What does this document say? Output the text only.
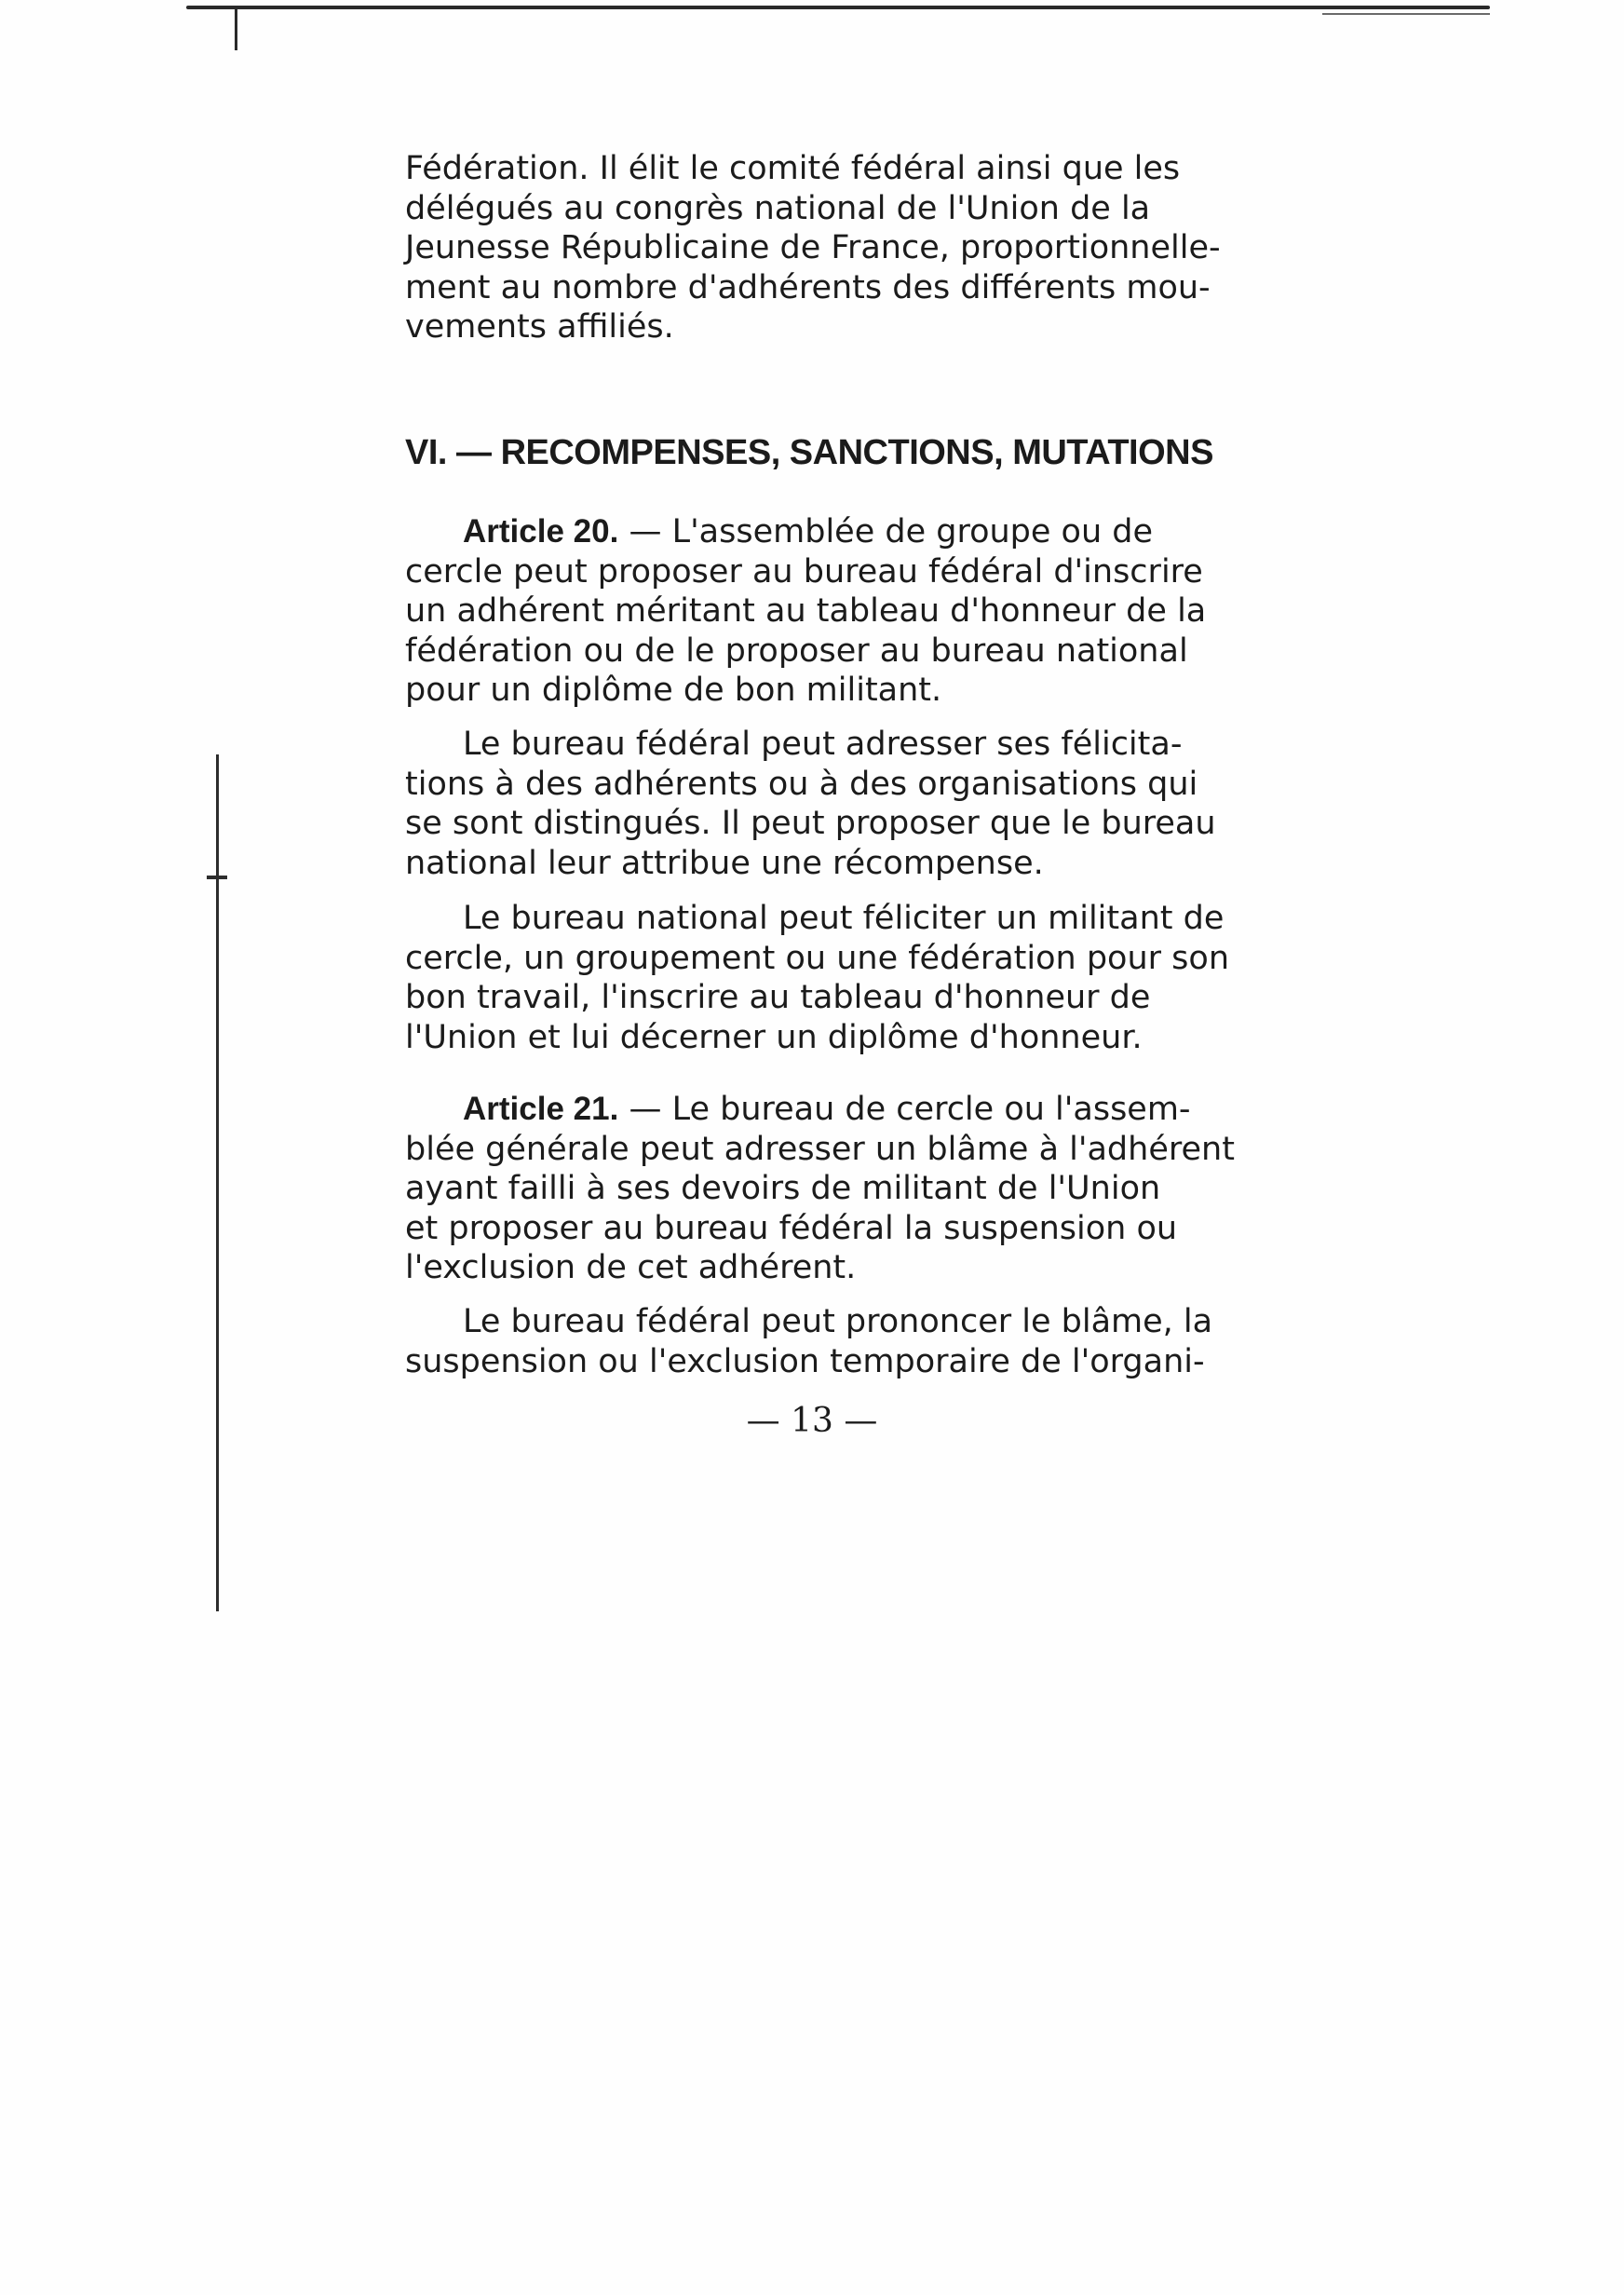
Fédération. Il élit le comité fédéral ainsi que les
délégués au congrès national de l'Union de la
Jeunesse Républicaine de France, proportionnelle-
ment au nombre d'adhérents des différents mou-
vements affiliés.
VI. — RECOMPENSES, SANCTIONS, MUTATIONS
Article 20. — L'assemblée de groupe ou de
cercle peut proposer au bureau fédéral d'inscrire
un adhérent méritant au tableau d'honneur de la
fédération ou de le proposer au bureau national
pour un diplôme de bon militant.
Le bureau fédéral peut adresser ses félicita-
tions à des adhérents ou à des organisations qui
se sont distingués. Il peut proposer que le bureau
national leur attribue une récompense.
Le bureau national peut féliciter un militant de
cercle, un groupement ou une fédération pour son
bon travail, l'inscrire au tableau d'honneur de
l'Union et lui décerner un diplôme d'honneur.
Article 21. — Le bureau de cercle ou l'assem-
blée générale peut adresser un blâme à l'adhérent
ayant failli à ses devoirs de militant de l'Union
et proposer au bureau fédéral la suspension ou
l'exclusion de cet adhérent.
Le bureau fédéral peut prononcer le blâme, la
suspension ou l'exclusion temporaire de l'organi-
— 13 —
